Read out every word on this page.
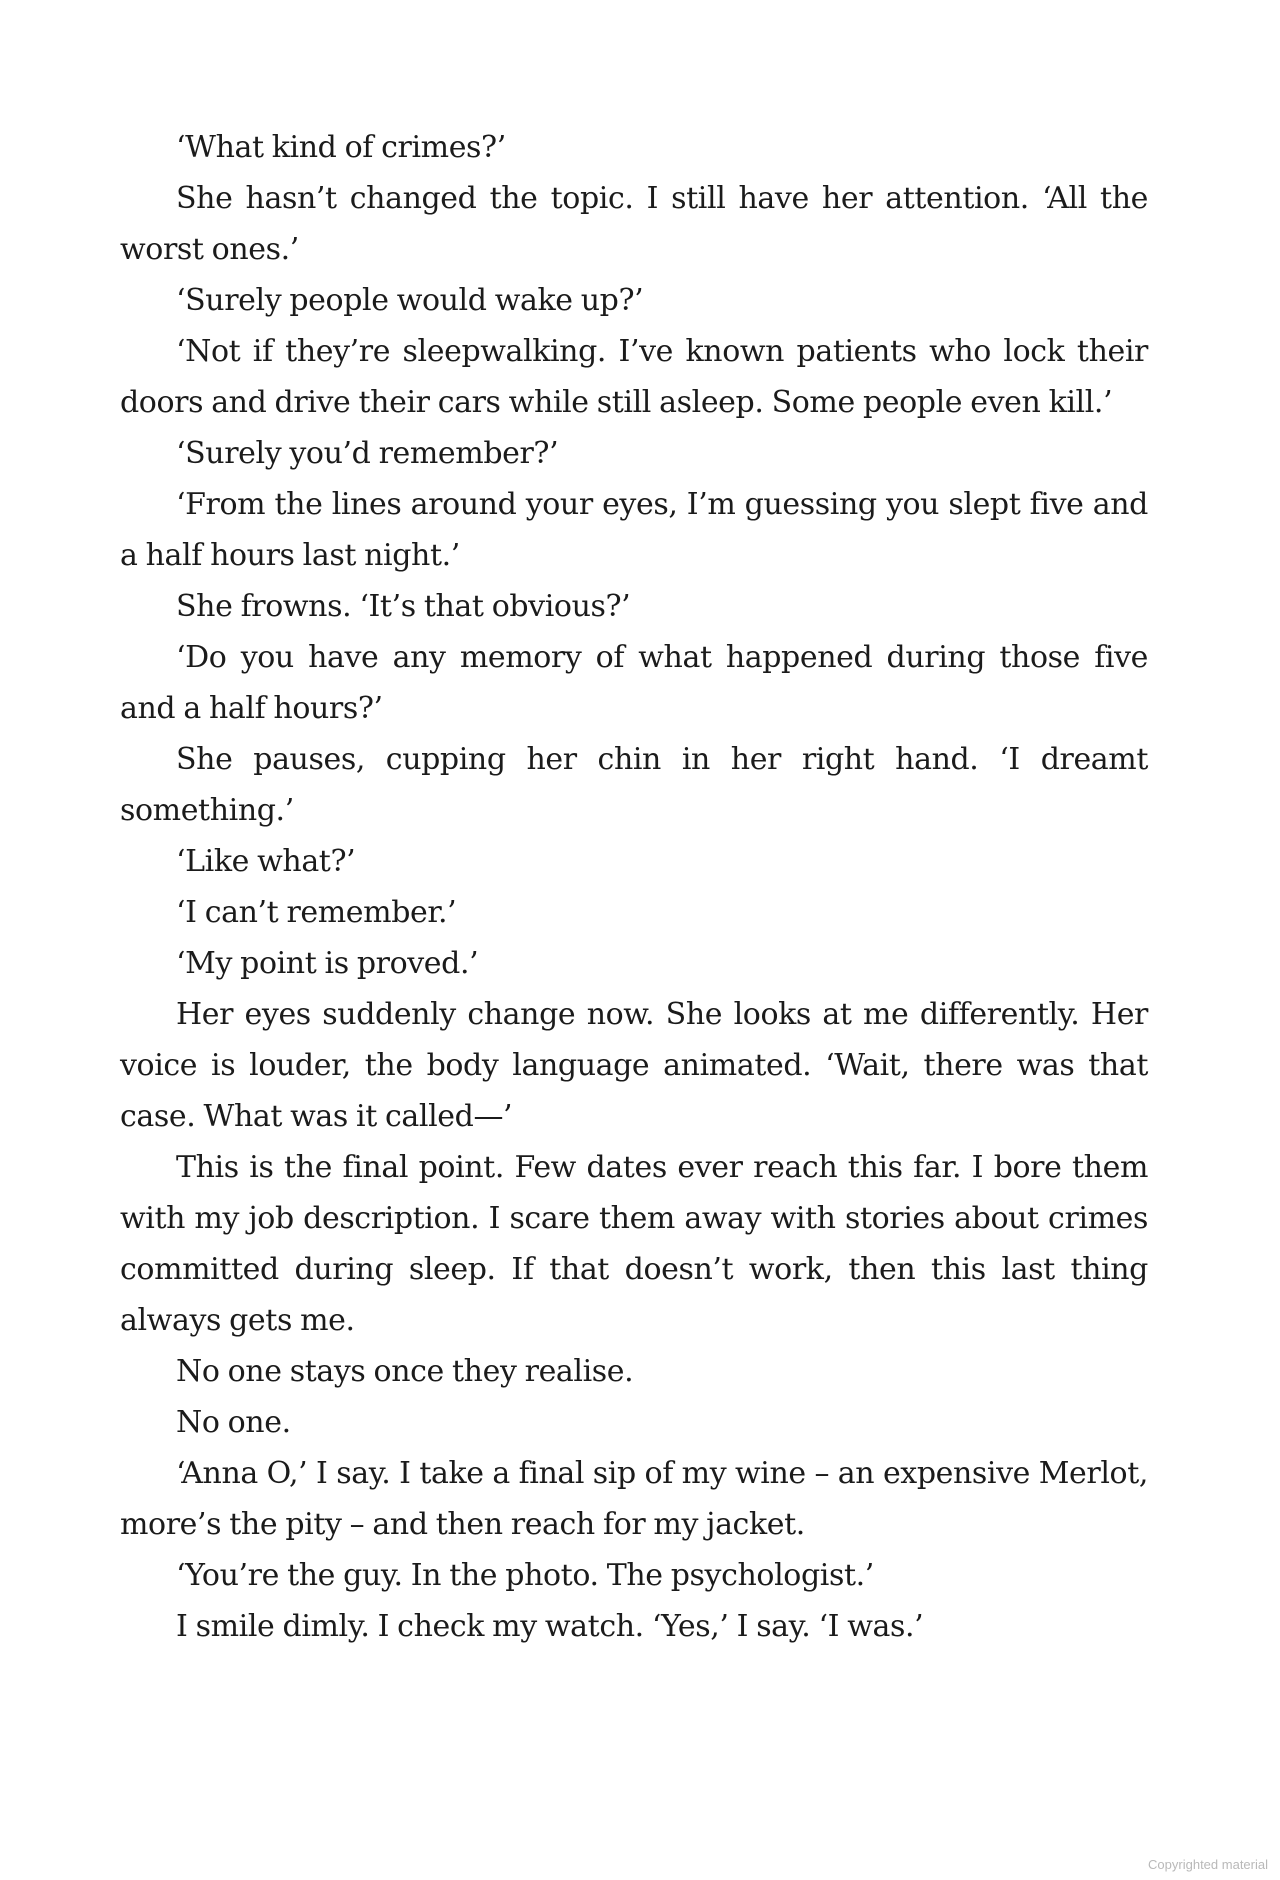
‘What kind of crimes?’

She hasn’t changed the topic. I still have her attention. ‘All the worst ones.’

‘Surely people would wake up?’

‘Not if they’re sleepwalking. I’ve known patients who lock their doors and drive their cars while still asleep. Some people even kill.’

‘Surely you’d remember?’

‘From the lines around your eyes, I’m guessing you slept five and a half hours last night.’

She frowns. ‘It’s that obvious?’

‘Do you have any memory of what happened during those five and a half hours?’

She pauses, cupping her chin in her right hand. ‘I dreamt something.’

‘Like what?’

‘I can’t remember.’

‘My point is proved.’

Her eyes suddenly change now. She looks at me differently. Her voice is louder, the body language animated. ‘Wait, there was that case. What was it called—’

This is the final point. Few dates ever reach this far. I bore them with my job description. I scare them away with stories about crimes committed during sleep. If that doesn’t work, then this last thing always gets me.

No one stays once they realise.

No one.

‘Anna O,’ I say. I take a final sip of my wine – an expensive Merlot, more’s the pity – and then reach for my jacket.

‘You’re the guy. In the photo. The psychologist.’

I smile dimly. I check my watch. ‘Yes,’ I say. ‘I was.’

Copyrighted material
